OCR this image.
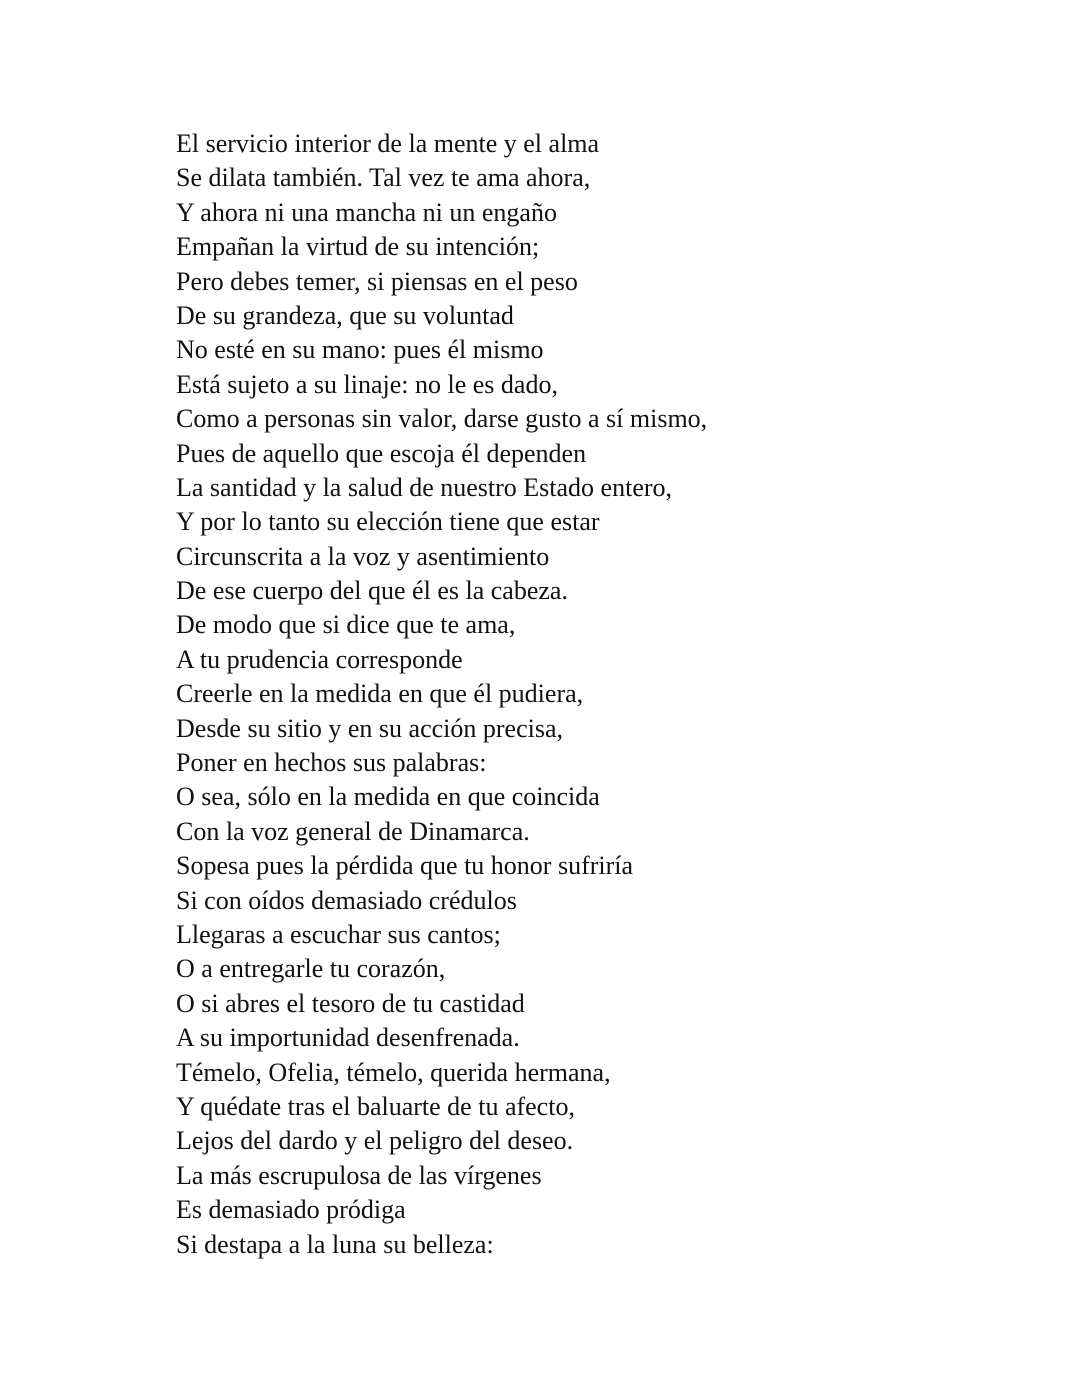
El servicio interior de la mente y el alma
Se dilata también. Tal vez te ama ahora,
Y ahora ni una mancha ni un engaño
Empañan la virtud de su intención;
Pero debes temer, si piensas en el peso
De su grandeza, que su voluntad
No esté en su mano: pues él mismo
Está sujeto a su linaje: no le es dado,
Como a personas sin valor, darse gusto a sí mismo,
Pues de aquello que escoja él dependen
La santidad y la salud de nuestro Estado entero,
Y por lo tanto su elección tiene que estar
Circunscrita a la voz y asentimiento
De ese cuerpo del que él es la cabeza.
De modo que si dice que te ama,
A tu prudencia corresponde
Creerle en la medida en que él pudiera,
Desde su sitio y en su acción precisa,
Poner en hechos sus palabras:
O sea, sólo en la medida en que coincida
Con la voz general de Dinamarca.
Sopesa pues la pérdida que tu honor sufriría
Si con oídos demasiado crédulos
Llegaras a escuchar sus cantos;
O a entregarle tu corazón,
O si abres el tesoro de tu castidad
A su importunidad desenfrenada.
Témelo, Ofelia, témelo, querida hermana,
Y quédate tras el baluarte de tu afecto,
Lejos del dardo y el peligro del deseo.
La más escrupulosa de las vírgenes
Es demasiado pródiga
Si destapa a la luna su belleza:
